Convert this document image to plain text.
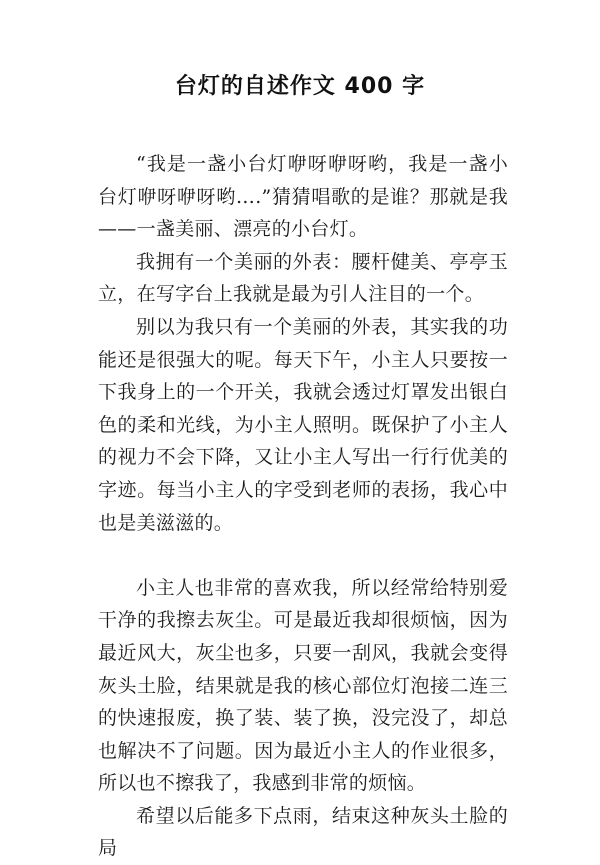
台灯的自述作文 400 字

“我是一盏小台灯咿呀咿呀哟，我是一盏小台灯咿呀咿呀哟….”猜猜唱歌的是谁？那就是我——一盏美丽、漂亮的小台灯。

我拥有一个美丽的外表：腰杆健美、亭亭玉立，在写字台上我就是最为引人注目的一个。

别以为我只有一个美丽的外表，其实我的功能还是很强大的呢。每天下午，小主人只要按一下我身上的一个开关，我就会透过灯罩发出银白色的柔和光线，为小主人照明。既保护了小主人的视力不会下降，又让小主人写出一行行优美的字迹。每当小主人的字受到老师的表扬，我心中也是美滋滋的。

小主人也非常的喜欢我，所以经常给特别爱干净的我擦去灰尘。可是最近我却很烦恼，因为最近风大，灰尘也多，只要一刮风，我就会变得灰头土脸，结果就是我的核心部位灯泡接二连三的快速报废，换了装、装了换，没完没了，却总也解决不了问题。因为最近小主人的作业很多，所以也不擦我了，我感到非常的烦恼。

希望以后能多下点雨，结束这种灰头土脸的局
